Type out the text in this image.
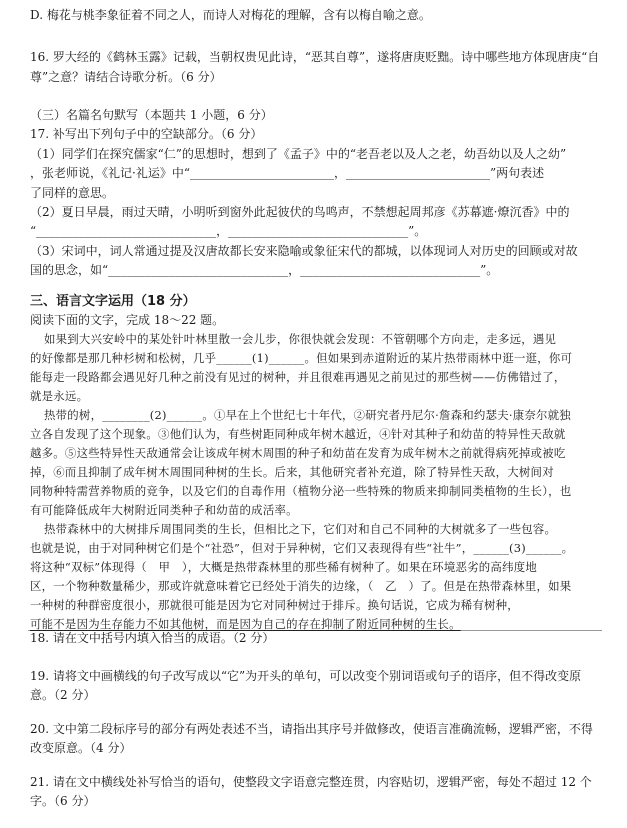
D. 梅花与桃李象征着不同之人，而诗人对梅花的理解，含有以梅自喻之意。
16. 罗大经的《鹤林玉露》记载，当朝权贵见此诗，“恶其自尊”，遂将唐庚贬黜。诗中哪些地方体现唐庚“自
尊”之意？请结合诗歌分析。（6 分）
（三）名篇名句默写（本题共 1 小题，6 分）
17. 补写出下列句子中的空缺部分。（6 分）
（1）同学们在探究儒家“仁”的思想时，想到了《孟子》中的“老吾老以及人之老，幼吾幼以及人之幼”
，张老师说，《礼记·礼运》中“________________________，________________________”两句表述
了同样的意思。
（2）夏日早晨，雨过天晴，小明听到窗外此起彼伏的鸟鸣声，不禁想起周邦彦《苏幕遮·燎沉香》中的
“______________________________，______________________________”。
（3）宋词中，词人常通过提及汉唐故都长安来隐喻或象征宋代的都城，以体现词人对历史的回顾或对故
国的思念，如“______________________________，______________________________”。
三、语言文字运用（18 分）
阅读下面的文字，完成 18～22 题。
如果到大兴安岭中的某处针叶林里散一会儿步，你很快就会发现：不管朝哪个方向走，走多远，遇见
的好像都是那几种杉树和松树，几乎______(1)______。但如果到赤道附近的某片热带雨林中逛一逛，你可
能每走一段路都会遇见好几种之前没有见过的树种，并且很难再遇见之前见过的那些树——仿佛错过了，
就是永远。
热带的树，________(2)______。①早在上个世纪七十年代，②研究者丹尼尔·詹森和约瑟夫·康奈尔就独
立各自发现了这个现象。③他们认为，有些树距同种成年树木越近，④针对其种子和幼苗的特异性天敌就
越多。⑤这些特异性天敌通常会让该成年树木周围的种子和幼苗在发育为成年树木之前就得病死掉或被吃
掉，⑥而且抑制了成年树木周围同种树的生长。后来，其他研究者补充道，除了特异性天敌，大树间对
同物种特需营养物质的竞争，以及它们的自毒作用（植物分泌一些特殊的物质来抑制同类植物的生长），也
有可能降低成年大树附近同类种子和幼苗的成活率。
热带森林中的大树排斥周围同类的生长，但相比之下，它们对和自己不同种的大树就多了一些包容。
也就是说，由于对同种树它们是个“社恐”，但对于异种树，它们又表现得有些“社牛”，______(3)______。
将这种“双标”体现得（　甲　），大概是热带森林里的那些稀有树种了。如果在环境恶劣的高纬度地
区，一个物种数量稀少，那或许就意味着它已经处于消失的边缘，（　乙　）了。但是在热带森林里，如果
一种树的种群密度很小，那就很可能是因为它对同种树过于排斥。换句话说，它成为稀有树种，
可能不是因为生存能力不如其他树，而是因为自己的存在抑制了附近同种树的生长。
18. 请在文中括号内填入恰当的成语。（2 分）
19. 请将文中画横线的句子改写成以“它”为开头的单句，可以改变个别词语或句子的语序，但不得改变原
意。（2 分）
20. 文中第二段标序号的部分有两处表述不当，请指出其序号并做修改，使语言准确流畅，逻辑严密，不得
改变原意。（4 分）
21. 请在文中横线处补写恰当的语句，使整段文字语意完整连贯，内容贴切，逻辑严密，每处不超过 12 个
字。（6 分）
